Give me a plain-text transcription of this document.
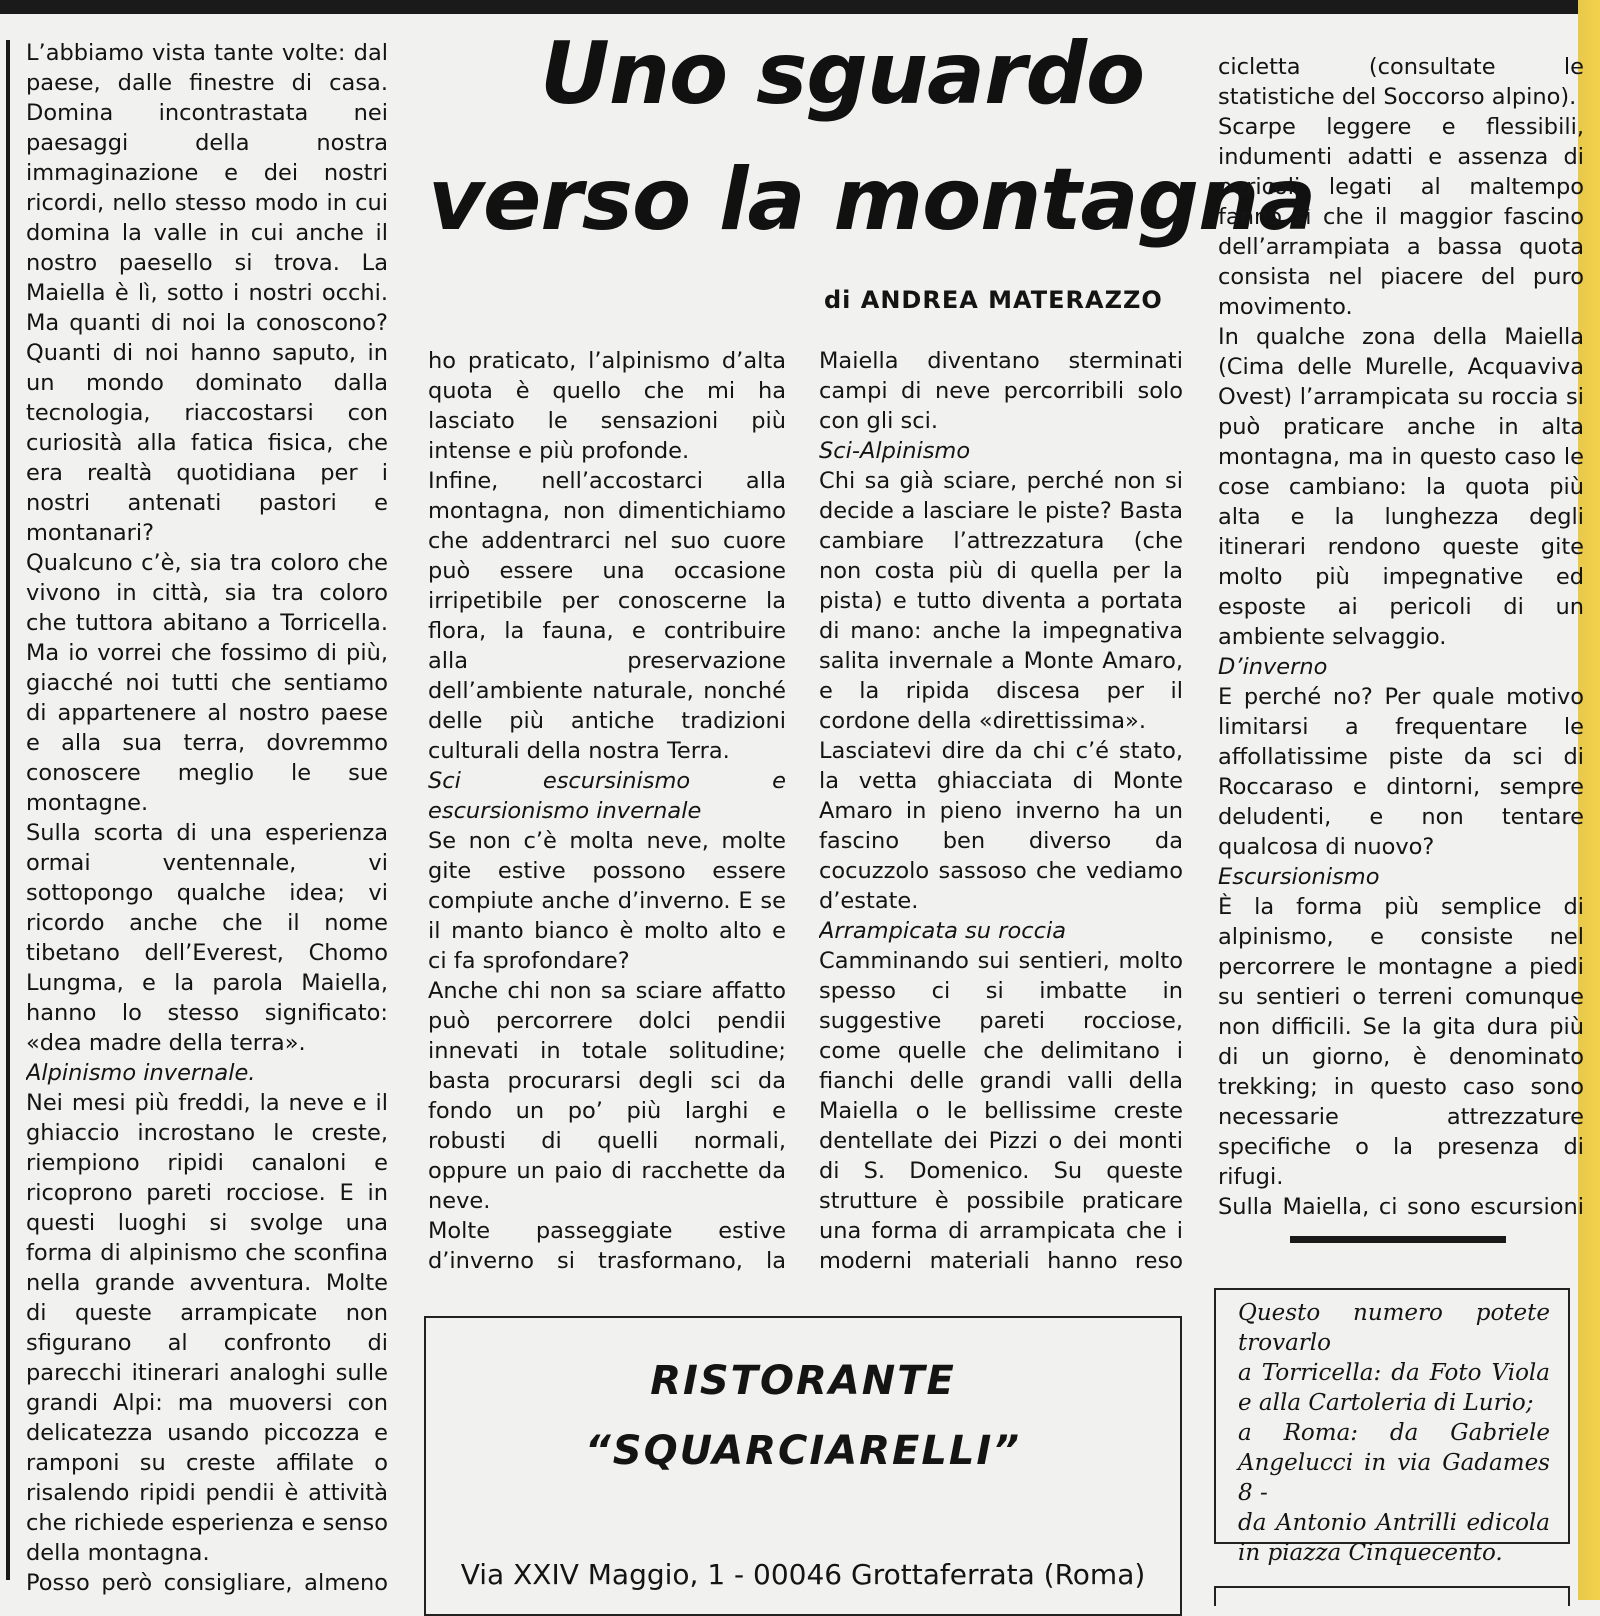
Uno sguardo
verso la montagna
di ANDREA MATERAZZO

L’abbiamo vista tante volte: dal paese, dalle finestre di casa. Domina incontrastata nei paesaggi della nostra immaginazione e dei nostri ricordi, nello stesso modo in cui domina la valle in cui anche il nostro paesello si trova. La Maiella è lì, sotto i nostri occhi. Ma quanti di noi la conoscono? Quanti di noi hanno saputo, in un mondo dominato dalla tecnologia, riaccostarsi con curiosità alla fatica fisica, che era realtà quotidiana per i nostri antenati pastori e montanari?

Qualcuno c’è, sia tra coloro che vivono in città, sia tra coloro che tuttora abitano a Torricella. Ma io vorrei che fossimo di più, giacché noi tutti che sentiamo di appartenere al nostro paese e alla sua terra, dovremmo conoscere meglio le sue montagne.

Sulla scorta di una esperienza ormai ventennale, vi sottopongo qualche idea; vi ricordo anche che il nome tibetano dell’Everest, Chomo Lungma, e la parola Maiella, hanno lo stesso significato: «dea madre della terra».

Alpinismo invernale.

Nei mesi più freddi, la neve e il ghiaccio incrostano le creste, riempiono ripidi canaloni e ricoprono pareti rocciose. E in questi luoghi si svolge una forma di alpinismo che sconfina nella grande avventura. Molte di queste arrampicate non sfigurano al confronto di parecchi itinerari analoghi sulle grandi Alpi: ma muoversi con delicatezza usando piccozza e ramponi su creste affilate o risalendo ripidi pendii è attività che richiede esperienza e senso della montagna.

Posso però consigliare, almeno

ho praticato, l’alpinismo d’alta quota è quello che mi ha lasciato le sensazioni più intense e più profonde.

Infine, nell’accostarci alla montagna, non dimentichiamo che addentrarci nel suo cuore può essere una occasione irripetibile per conoscerne la flora, la fauna, e contribuire alla preservazione dell’ambiente naturale, nonché delle più antiche tradizioni culturali della nostra Terra.

Sci escursinismo e escursionismo invernale

Se non c’è molta neve, molte gite estive possono essere compiute anche d’inverno. E se il manto bianco è molto alto e ci fa sprofondare?

Anche chi non sa sciare affatto può percorrere dolci pendii innevati in totale solitudine; basta procurarsi degli sci da fondo un po’ più larghi e robusti di quelli normali, oppure un paio di racchette da neve.

Molte passeggiate estive d’inverno si trasformano, la

Maiella diventano sterminati campi di neve percorribili solo con gli sci.

Sci-Alpinismo

Chi sa già sciare, perché non si decide a lasciare le piste? Basta cambiare l’attrezzatura (che non costa più di quella per la pista) e tutto diventa a portata di mano: anche la impegnativa salita invernale a Monte Amaro, e la ripida discesa per il cordone della «direttissima».

Lasciatevi dire da chi c’é stato, la vetta ghiacciata di Monte Amaro in pieno inverno ha un fascino ben diverso da cocuzzolo sassoso che vediamo d’estate.

Arrampicata su roccia

Camminando sui sentieri, molto spesso ci si imbatte in suggestive pareti rocciose, come quelle che delimitano i fianchi delle grandi valli della Maiella o le bellissime creste dentellate dei Pizzi o dei monti di S. Domenico. Su queste strutture è possibile praticare una forma di arrampicata che i moderni materiali hanno reso

cicletta (consultate le statistiche del Soccorso alpino).

Scarpe leggere e flessibili, indumenti adatti e assenza di pericoli legati al maltempo fanno sì che il maggior fascino dell’arrampiata a bassa quota consista nel piacere del puro movimento.

In qualche zona della Maiella (Cima delle Murelle, Acquaviva Ovest) l’arrampicata su roccia si può praticare anche in alta montagna, ma in questo caso le cose cambiano: la quota più alta e la lunghezza degli itinerari rendono queste gite molto più impegnative ed esposte ai pericoli di un ambiente selvaggio.

D’inverno

E perché no? Per quale motivo limitarsi a frequentare le affollatissime piste da sci di Roccaraso e dintorni, sempre deludenti, e non tentare qualcosa di nuovo?

Escursionismo

È la forma più semplice di alpinismo, e consiste nel percorrere le montagne a piedi su sentieri o terreni comunque non difficili. Se la gita dura più di un giorno, è denominato trekking; in questo caso sono necessarie attrezzature specifiche o la presenza di rifugi.

Sulla Maiella, ci sono escursioni

RISTORANTE
“SQUARCIARELLI”
Via XXIV Maggio, 1 - 00046 Grottaferrata (Roma)

Questo numero potete trovarlo

a Torricella: da Foto Viola e alla Cartoleria di Lurio;

a Roma: da Gabriele Angelucci in via Gadames 8 -

da Antonio Antrilli edicola in piazza Cinquecento.
